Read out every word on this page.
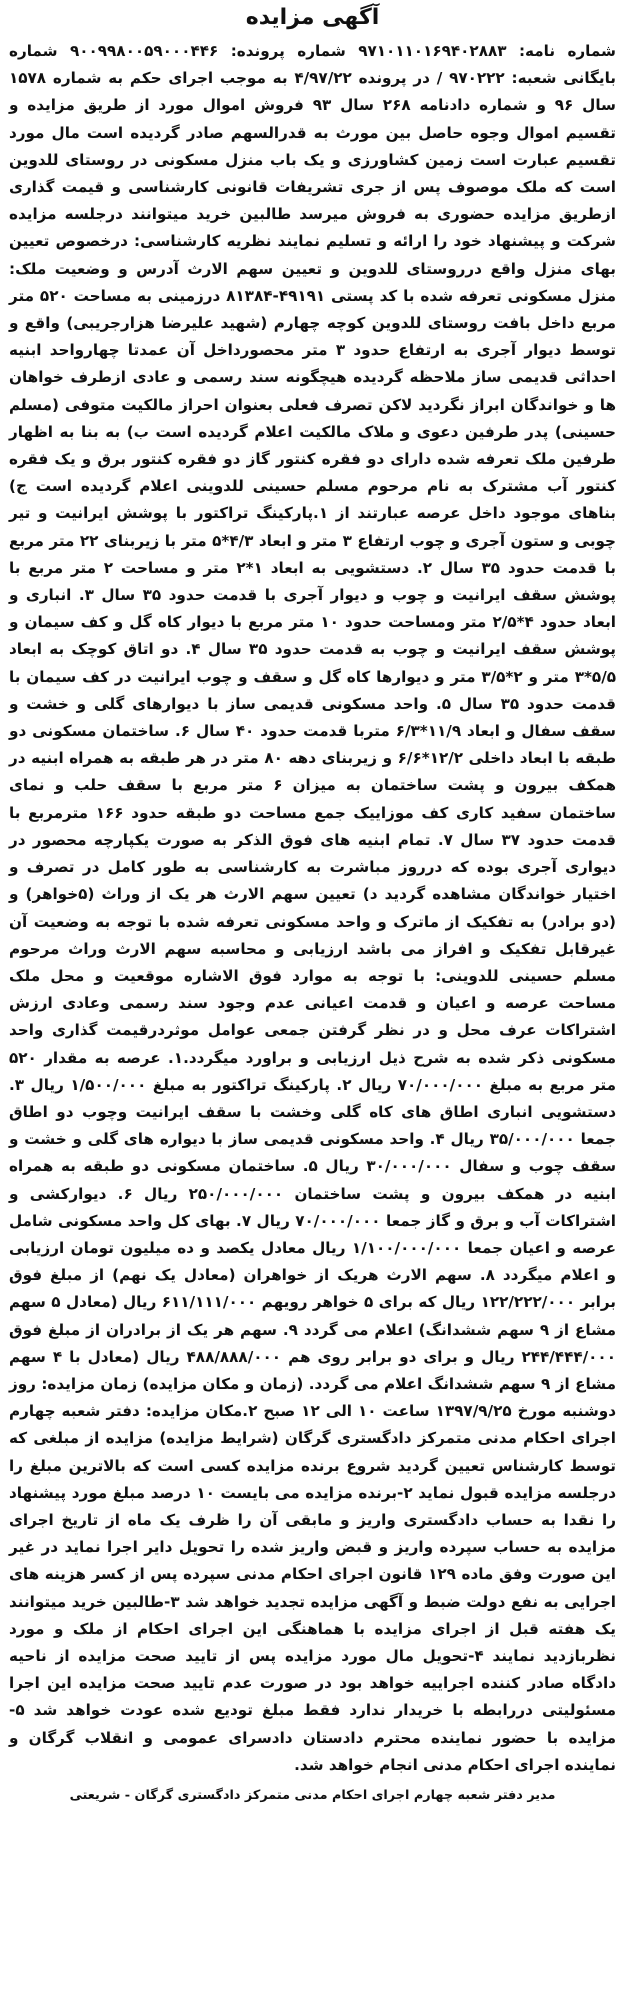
آگهی مزایده

شماره نامه: ۹۷۱۰۱۱۰۱۶۹۴۰۲۸۸۳ شماره پرونده: ۹۰۰۹۹۸۰۰۵۹۰۰۰۴۴۶ شماره بایگانی شعبه: ۹۷۰۲۲۲ / در پرونده ۴/۹۷/۲۲ به موجب اجرای حکم به شماره ۱۵۷۸ سال ۹۶ و شماره دادنامه ۲۶۸ سال ۹۳ فروش اموال مورد از طریق مزایده و تقسیم اموال وجوه حاصل بین مورث به قدرالسهم صادر گردیده است مال مورد تقسیم عبارت است زمین کشاورزی و یک باب منزل مسکونی در روستای للدوین است که ملک موصوف پس از جری تشریفات قانونی کارشناسی و قیمت گذاری ازطریق مزایده حضوری به فروش میرسد طالبین خرید میتوانند درجلسه مزایده شرکت و پیشنهاد خود را ارائه و تسلیم نمایند نظریه کارشناسی: درخصوص تعیین بهای منزل واقع درروستای للدوین و تعیین سهم الارث آدرس و وضعیت ملک: منزل مسکونی تعرفه شده با کد پستی ۴۹۱۹۱-۸۱۳۸۴ درزمینی به مساحت ۵۲۰ متر مربع داخل بافت روستای للدوین کوچه چهارم (شهید علیرضا هزارجریبی) واقع و توسط دیوار آجری به ارتفاع حدود ۳ متر محصورداخل آن عمدتا چهارواحد ابنیه احداثی قدیمی ساز ملاحظه گردیده هیچگونه سند رسمی و عادی ازطرف خواهان ها و خواندگان ابراز نگردید لاکن تصرف فعلی بعنوان احراز مالکیت متوفی (مسلم حسینی) پدر طرفین دعوی و ملاک مالکیت اعلام گردیده است ب) به بنا به اظهار طرفین ملک تعرفه شده دارای دو فقره کنتور گاز دو فقره کنتور برق و یک فقره کنتور آب مشترک به نام مرحوم مسلم حسینی للدوینی اعلام گردیده است ج) بناهای موجود داخل عرصه عبارتند از ۱.پارکینگ تراکتور با پوشش ایرانیت و تیر چوبی و ستون آجری و چوب ارتفاع ۳ متر و ابعاد ۴/۳*۵ متر با زیربنای ۲۲ متر مربع با قدمت حدود ۳۵ سال ۲. دستشویی به ابعاد ۱*۲ متر و مساحت ۲ متر مربع با پوشش سقف ایرانیت و چوب و دیوار آجری با قدمت حدود ۳۵ سال ۳. انباری و ابعاد حدود ۴*۲/۵ متر ومساحت حدود ۱۰ متر مربع با دیوار کاه گل و کف سیمان و پوشش سقف ایرانیت و چوب به قدمت حدود ۳۵ سال ۴. دو اتاق کوچک به ابعاد ۵/۵*۳ متر و ۲*۳/۵ متر و دیوارها کاه گل و سقف و چوب ایرانیت در کف سیمان با قدمت حدود ۳۵ سال ۵. واحد مسکونی قدیمی ساز با دیوارهای گلی و خشت و سقف سفال و ابعاد ۱۱/۹*۶/۳ متربا قدمت حدود ۴۰ سال ۶. ساختمان مسکونی دو طبقه با ابعاد داخلی ۱۲/۲*۶/۶ و زیربنای دهه ۸۰ متر در هر طبقه به همراه ابنیه در همکف بیرون و پشت ساختمان به میزان ۶ متر مربع با سقف حلب و نمای ساختمان سفید کاری کف موزاییک جمع مساحت دو طبقه حدود ۱۶۶ مترمربع با قدمت حدود ۳۷ سال ۷. تمام ابنیه های فوق الذکر به صورت یکپارچه محصور در دیواری آجری بوده که درروز مباشرت به کارشناسی به طور کامل در تصرف و اختیار خواندگان مشاهده گردید د) تعیین سهم الارث هر یک از وراث (۵خواهر) و (دو برادر) به تفکیک از ماترک و واحد مسکونی تعرفه شده با توجه به وضعیت آن غیرقابل تفکیک و افراز می باشد ارزیابی و محاسبه سهم الارث وراث مرحوم مسلم حسینی للدوینی: با توجه به موارد فوق الاشاره موقعیت و محل ملک مساحت عرصه و اعیان و قدمت اعیانی عدم وجود سند رسمی وعادی ارزش اشتراکات عرف محل و در نظر گرفتن جمعی عوامل موثردرقیمت گذاری واحد مسکونی ذکر شده به شرح ذیل ارزیابی و براورد میگردد.۱. عرصه به مقدار ۵۲۰ متر مربع به مبلغ ۷۰/۰۰۰/۰۰۰ ریال ۲. پارکینگ تراکتور به مبلغ ۱/۵۰۰/۰۰۰ ریال ۳. دستشویی انباری اطاق های کاه گلی وخشت با سقف ایرانیت وچوب دو اطاق جمعا ۳۵/۰۰۰/۰۰۰ ریال ۴. واحد مسکونی قدیمی ساز با دیواره های گلی و خشت و سقف چوب و سفال ۳۰/۰۰۰/۰۰۰ ریال ۵. ساختمان مسکونی دو طبقه به همراه ابنیه در همکف بیرون و پشت ساختمان ۲۵۰/۰۰۰/۰۰۰ ریال ۶. دیوارکشی و اشتراکات آب و برق و گاز جمعا ۷۰/۰۰۰/۰۰۰ ریال ۷. بهای کل واحد مسکونی شامل عرصه و اعیان جمعا ۱/۱۰۰/۰۰۰/۰۰۰ ریال معادل یکصد و ده میلیون تومان ارزیابی و اعلام میگردد ۸. سهم الارث هریک از خواهران (معادل یک نهم) از مبلغ فوق برابر ۱۲۲/۲۲۲/۰۰۰ ریال که برای ۵ خواهر رویهم ۶۱۱/۱۱۱/۰۰۰ ریال (معادل ۵ سهم مشاع از ۹ سهم ششدانگ) اعلام می گردد ۹. سهم هر یک از برادران از مبلغ فوق ۲۴۴/۴۴۴/۰۰۰ ریال و برای دو برابر روی هم ۴۸۸/۸۸۸/۰۰۰ ریال (معادل با ۴ سهم مشاع از ۹ سهم ششدانگ اعلام می گردد. (زمان و مکان مزایده) زمان مزایده: روز دوشنبه مورخ ۱۳۹۷/۹/۲۵ ساعت ۱۰ الی ۱۲ صبح ۲.مکان مزایده: دفتر شعبه چهارم اجرای احکام مدنی متمرکز دادگستری گرگان (شرایط مزایده) مزایده از مبلغی که توسط کارشناس تعیین گردید شروع برنده مزایده کسی است که بالاترین مبلغ را درجلسه مزایده قبول نماید ۲-برنده مزایده می بایست ۱۰ درصد مبلغ مورد پیشنهاد را نقدا به حساب دادگستری واریز و مابقی آن را ظرف یک ماه از تاریخ اجرای مزایده به حساب سپرده واریز و قبض واریز شده را تحویل دایر اجرا نماید در غیر این صورت وفق ماده ۱۲۹ قانون اجرای احکام مدنی سپرده پس از کسر هزینه های اجرایی به نفع دولت ضبط و آگهی مزایده تجدید خواهد شد ۳-طالبین خرید میتوانند یک هفته قبل از اجرای مزایده با هماهنگی این اجرای احکام از ملک و مورد نظربازدید نمایند ۴-تحویل مال مورد مزایده پس از تایید صحت مزایده از ناحیه دادگاه صادر کننده اجراییه خواهد بود در صورت عدم تایید صحت مزایده این اجرا مسئولیتی دررابطه با خریدار ندارد فقط مبلغ تودیع شده عودت خواهد شد ۵- مزایده با حضور نماینده محترم دادستان دادسرای عمومی و انقلاب گرگان و نماینده اجرای احکام مدنی انجام خواهد شد.

مدیر دفتر شعبه چهارم اجرای احکام مدنی متمرکز دادگستری گرگان - شریعتی
